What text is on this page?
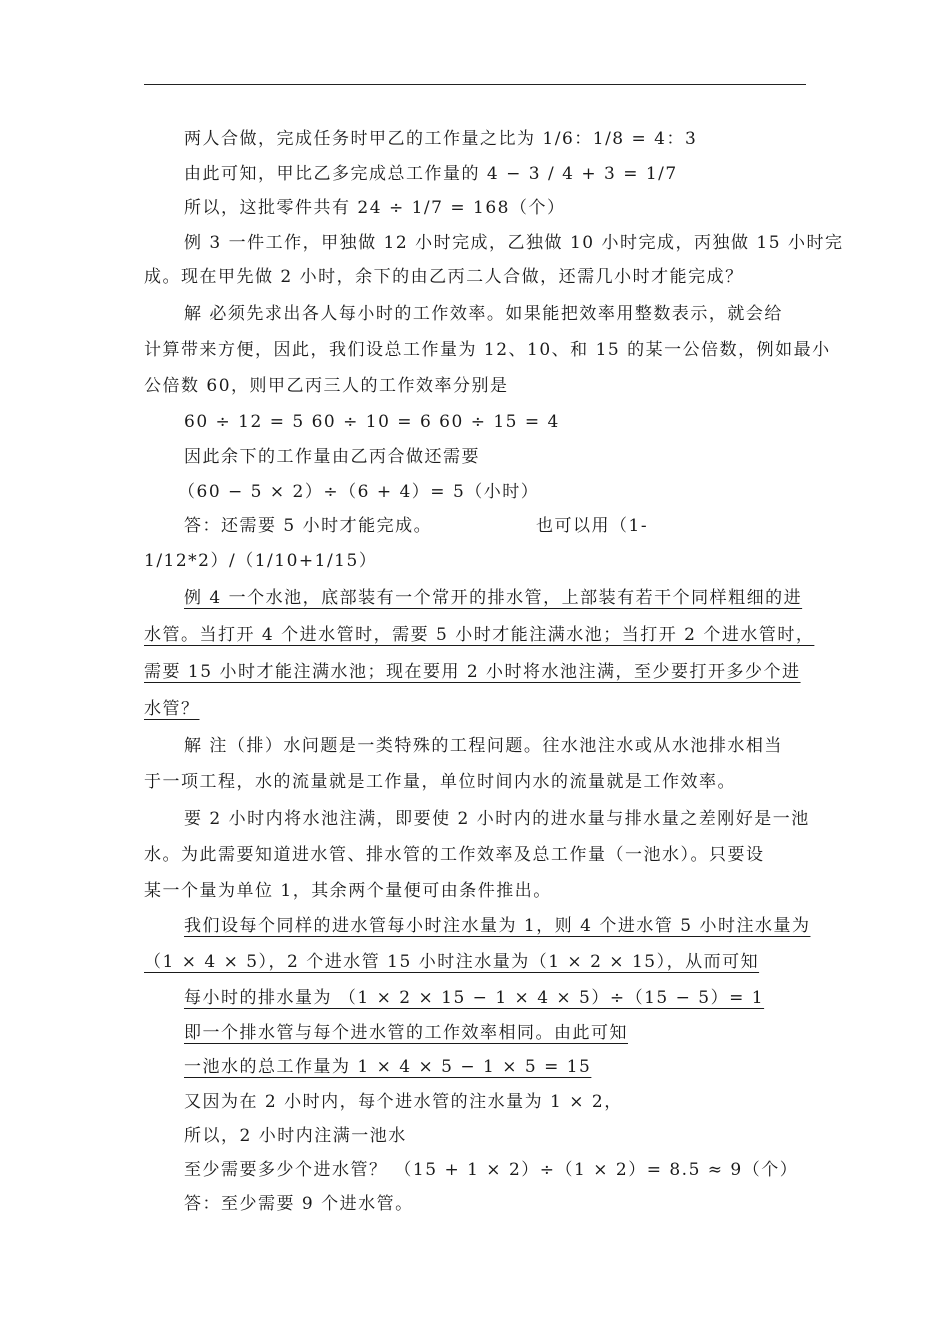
两人合做，完成任务时甲乙的工作量之比为 1/6：1/8 = 4：3
由此可知，甲比乙多完成总工作量的 4 − 3 / 4 + 3 = 1/7
所以，这批零件共有 24 ÷ 1/7 = 168（个）
例 3 一件工作，甲独做 12 小时完成，乙独做 10 小时完成，丙独做 15 小时完
成。现在甲先做 2 小时，余下的由乙丙二人合做，还需几小时才能完成？
解 必须先求出各人每小时的工作效率。如果能把效率用整数表示，就会给
计算带来方便，因此，我们设总工作量为 12、10、和 15 的某一公倍数，例如最小
公倍数 60，则甲乙丙三人的工作效率分别是
60 ÷ 12 = 5 60 ÷ 10 = 6 60 ÷ 15 = 4
因此余下的工作量由乙丙合做还需要
（60 − 5 × 2）÷（6 + 4）= 5（小时）
答：还需要 5 小时才能完成。	也可以用（1-
1/12*2）/（1/10+1/15）
例 4 一个水池，底部装有一个常开的排水管，上部装有若干个同样粗细的进
水管。当打开 4 个进水管时，需要 5 小时才能注满水池；当打开 2 个进水管时，
需要 15 小时才能注满水池；现在要用 2 小时将水池注满，至少要打开多少个进
水管？
解 注（排）水问题是一类特殊的工程问题。往水池注水或从水池排水相当
于一项工程，水的流量就是工作量，单位时间内水的流量就是工作效率。
要 2 小时内将水池注满，即要使 2 小时内的进水量与排水量之差刚好是一池
水。为此需要知道进水管、排水管的工作效率及总工作量（一池水）。只要设
某一个量为单位 1，其余两个量便可由条件推出。
我们设每个同样的进水管每小时注水量为 1，则 4 个进水管 5 小时注水量为
（1 × 4 × 5），2 个进水管 15 小时注水量为（1 × 2 × 15），从而可知
每小时的排水量为 （1 × 2 × 15 − 1 × 4 × 5）÷（15 − 5）= 1
即一个排水管与每个进水管的工作效率相同。由此可知
一池水的总工作量为 1 × 4 × 5 − 1 × 5 = 15
又因为在 2 小时内，每个进水管的注水量为 1 × 2，
所以，2 小时内注满一池水
至少需要多少个进水管？ （15 + 1 × 2）÷（1 × 2）= 8.5 ≈ 9（个）
答：至少需要 9 个进水管。
